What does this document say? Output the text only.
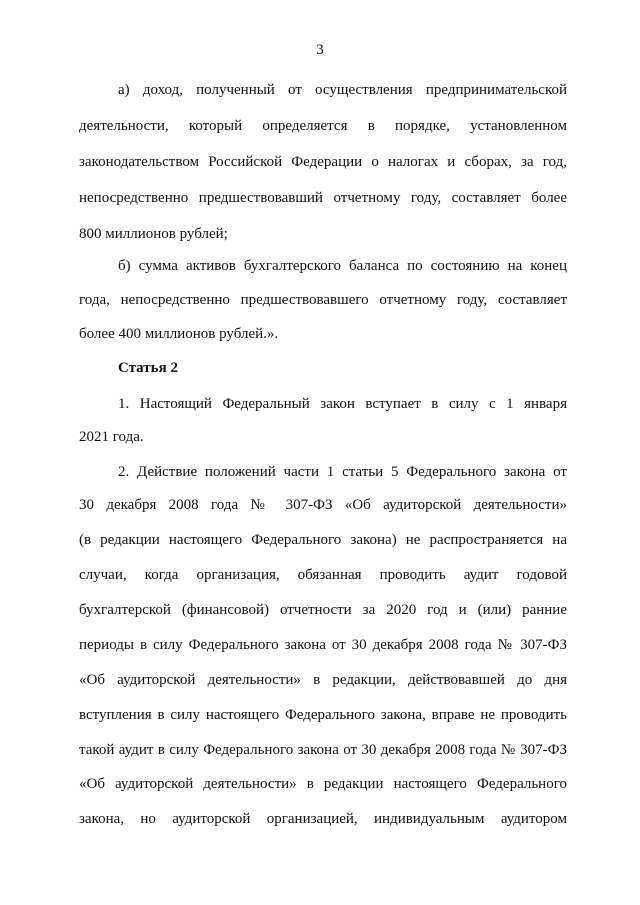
3
а) доход, полученный от осуществления предпринимательской
деятельности, который определяется в порядке, установленном
законодательством Российской Федерации о налогах и сборах, за год,
непосредственно предшествовавший отчетному году, составляет более
800 миллионов рублей;
б) сумма активов бухгалтерского баланса по состоянию на конец
года, непосредственно предшествовавшего отчетному году, составляет
более 400 миллионов рублей.».
Статья 2
1. Настоящий Федеральный закон вступает в силу с 1 января
2021 года.
2. Действие положений части 1 статьи 5 Федерального закона от
30 декабря 2008 года № 307-ФЗ «Об аудиторской деятельности»
(в редакции настоящего Федерального закона) не распространяется на
случаи, когда организация, обязанная проводить аудит годовой
бухгалтерской (финансовой) отчетности за 2020 год и (или) ранние
периоды в силу Федерального закона от 30 декабря 2008 года № 307-ФЗ
«Об аудиторской деятельности» в редакции, действовавшей до дня
вступления в силу настоящего Федерального закона, вправе не проводить
такой аудит в силу Федерального закона от 30 декабря 2008 года № 307-ФЗ
«Об аудиторской деятельности» в редакции настоящего Федерального
закона, но аудиторской организацией, индивидуальным аудитором
